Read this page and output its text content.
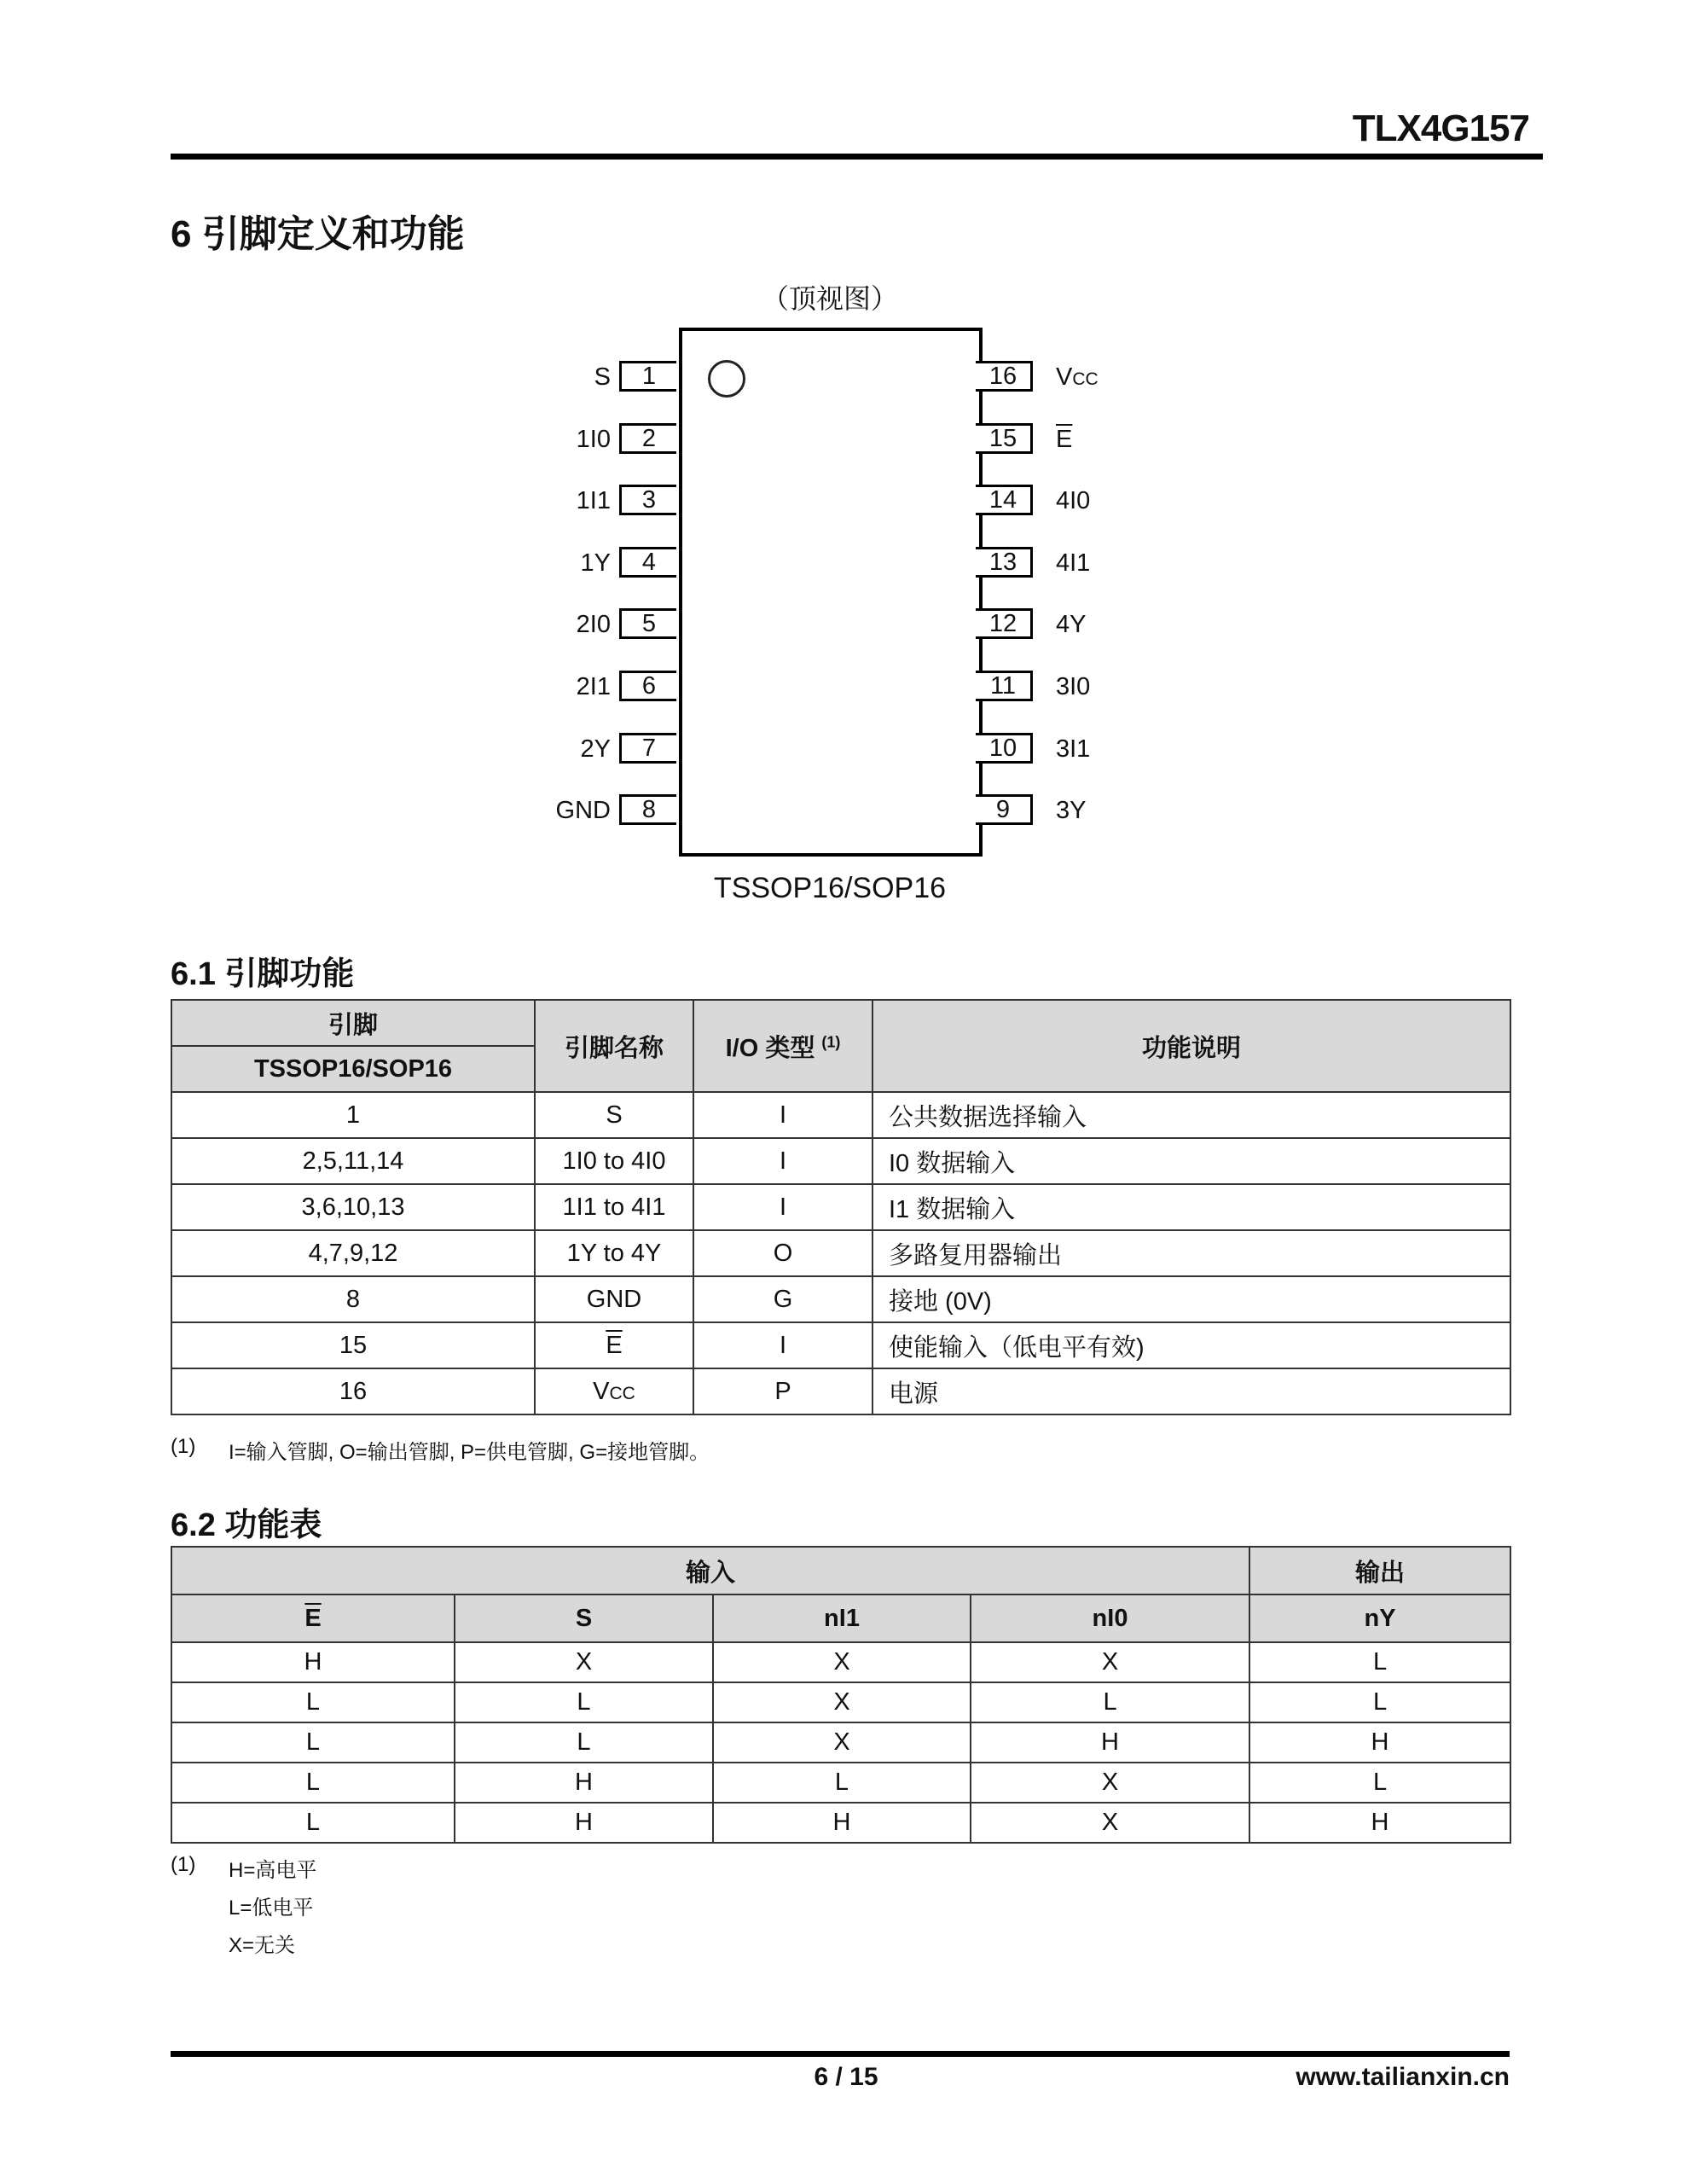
TLX4G157
6 引脚定义和功能
（顶视图）
1
S
2
1I0
3
1I1
4
1Y
5
2I0
6
2I1
7
2Y
8
GND
16	VCC
15	$\overline{E}$
14	4I0
13	4I1
12	4Y
11	3I0
10	3I1
9	3Y
TSSOP16/SOP16
6.1 引脚功能
引脚	引脚名称	I/O 类型 $^{(1)}$	功能说明
TSSOP16/SOP16			
1	S	I	公共数据选择输入
2,5,11,14	1I0 to 4I0	I	I0 数据输入
3,6,10,13	1I1 to 4I1	I	I1 数据输入
4,7,9,12	1Y to 4Y	O	多路复用器输出
8	GND	G	接地 (0V)
15	$\overline{E}$	I	使能输入（低电平有效)
16	VCC	P	电源
(1) I=输入管脚, O=输出管脚, P=供电管脚, G=接地管脚。
6.2 功能表
输入				输出
$\overline{E}$	S	nI1	nI0	nY
H	X	X	X	L
L	L	X	L	L
L	L	X	H	H
L	H	L	X	L
L	H	H	X	H
(1) H=高电平
L=低电平
X=无关
6 / 15	www.tailianxin.cn
